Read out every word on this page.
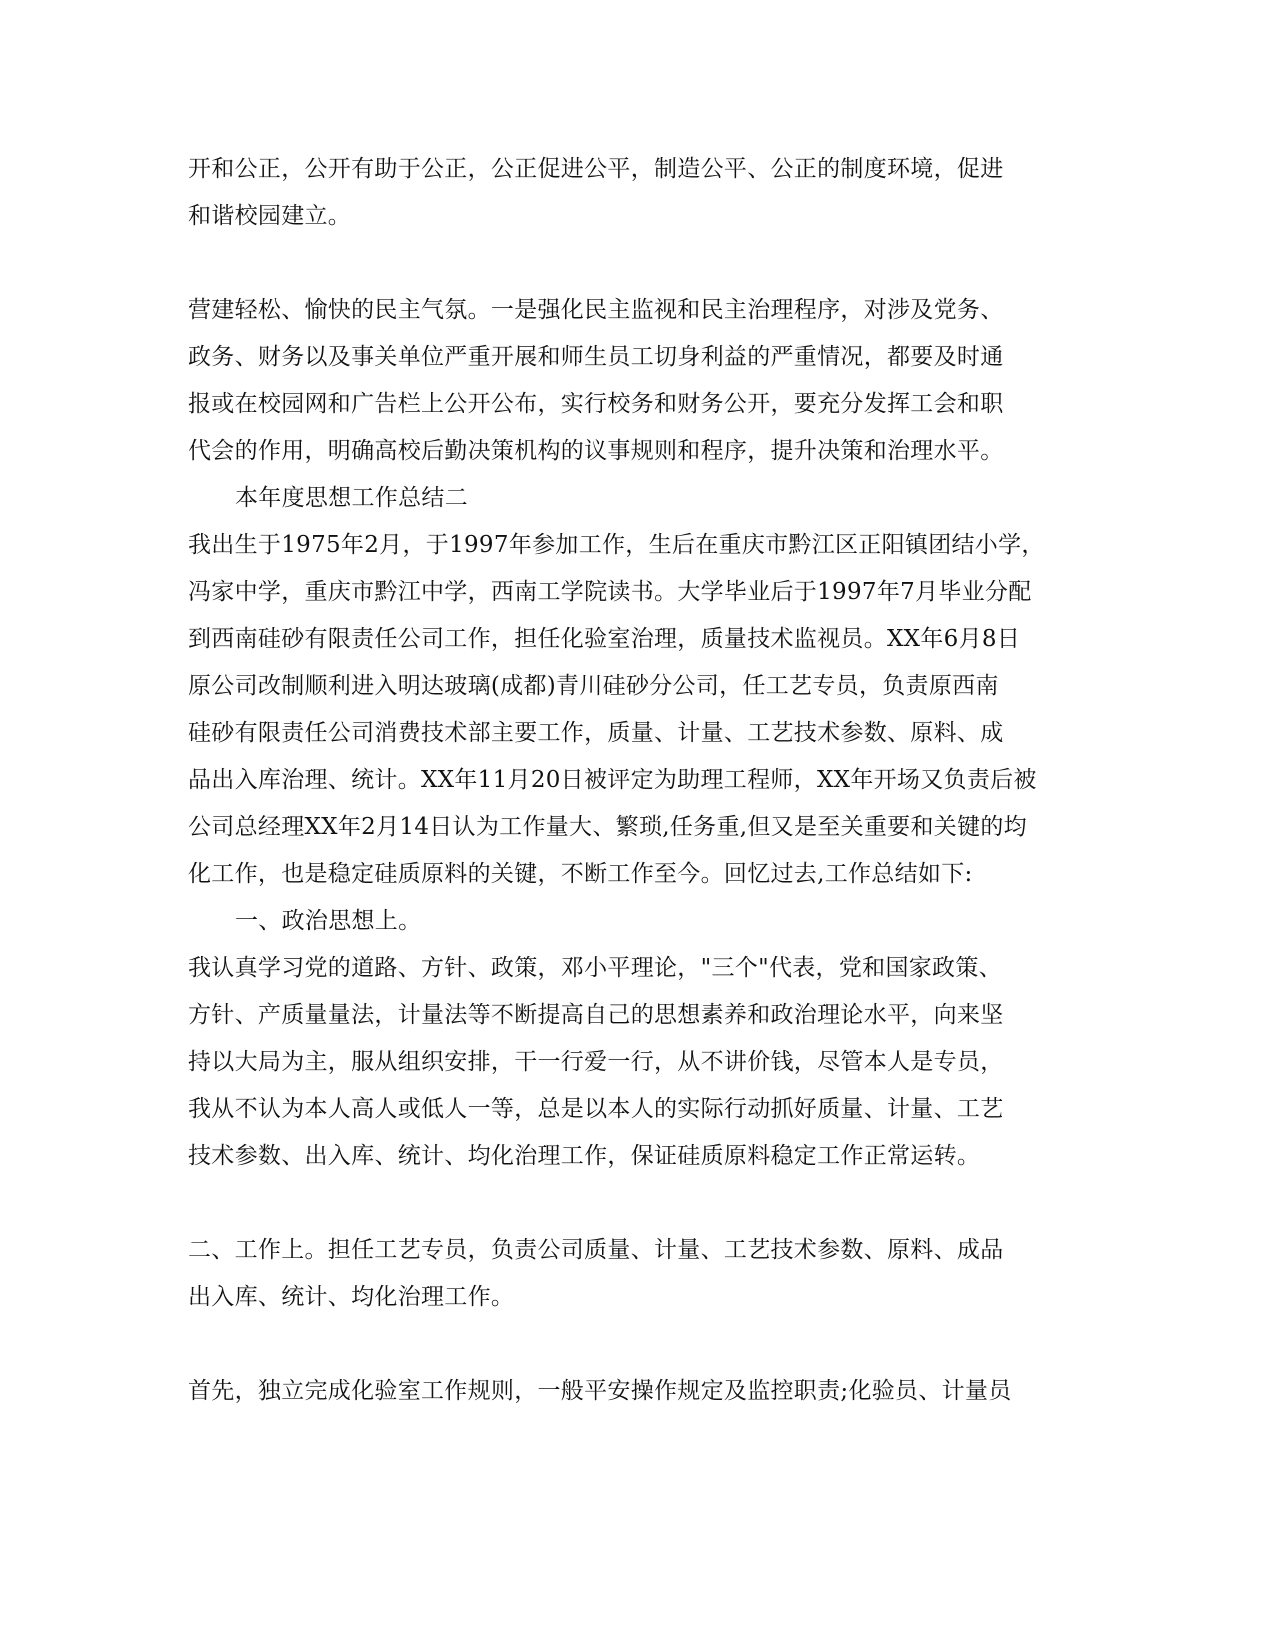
开和公正，公开有助于公正，公正促进公平，制造公平、公正的制度环境，促进
和谐校园建立。
营建轻松、愉快的民主气氛。一是强化民主监视和民主治理程序，对涉及党务、
政务、财务以及事关单位严重开展和师生员工切身利益的严重情况，都要及时通
报或在校园网和广告栏上公开公布，实行校务和财务公开，要充分发挥工会和职
代会的作用，明确高校后勤决策机构的议事规则和程序，提升决策和治理水平。
本年度思想工作总结二
我出生于1975年2月，于1997年参加工作，生后在重庆市黔江区正阳镇团结小学，
冯家中学，重庆市黔江中学，西南工学院读书。大学毕业后于1997年7月毕业分配
到西南硅砂有限责任公司工作，担任化验室治理，质量技术监视员。XX年6月8日
原公司改制顺利进入明达玻璃(成都)青川硅砂分公司，任工艺专员，负责原西南
硅砂有限责任公司消费技术部主要工作，质量、计量、工艺技术参数、原料、成
品出入库治理、统计。XX年11月20日被评定为助理工程师，XX年开场又负责后被
公司总经理XX年2月14日认为工作量大、繁琐,任务重,但又是至关重要和关键的均
化工作，也是稳定硅质原料的关键，不断工作至今。回忆过去,工作总结如下:
一、政治思想上。
我认真学习党的道路、方针、政策，邓小平理论，"三个"代表，党和国家政策、
方针、产质量量法，计量法等不断提高自己的思想素养和政治理论水平，向来坚
持以大局为主，服从组织安排，干一行爱一行，从不讲价钱，尽管本人是专员，
我从不认为本人高人或低人一等，总是以本人的实际行动抓好质量、计量、工艺
技术参数、出入库、统计、均化治理工作，保证硅质原料稳定工作正常运转。
二、工作上。担任工艺专员，负责公司质量、计量、工艺技术参数、原料、成品
出入库、统计、均化治理工作。
首先，独立完成化验室工作规则，一般平安操作规定及监控职责;化验员、计量员
